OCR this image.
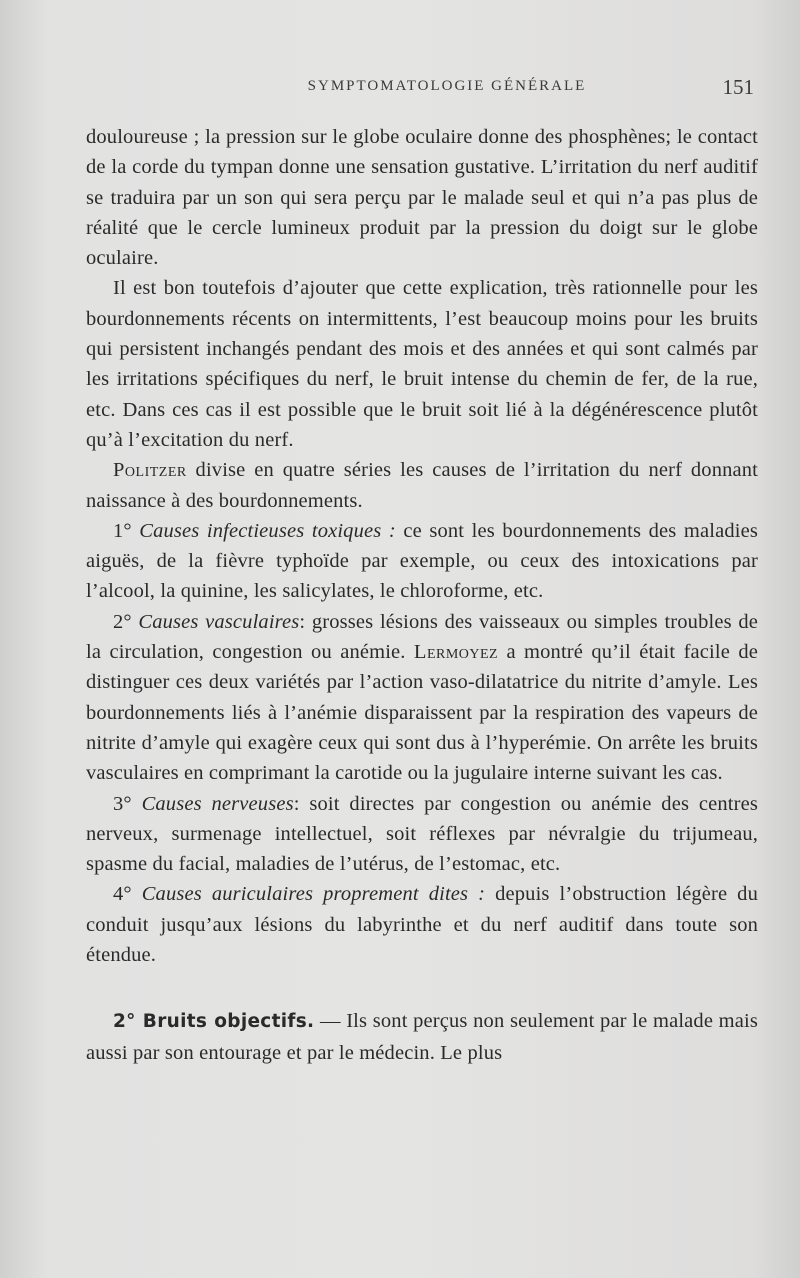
SYMPTOMATOLOGIE GÉNÉRALE	151

douloureuse ; la pression sur le globe oculaire donne des phosphènes; le contact de la corde du tympan donne une sensation gustative. L’irritation du nerf auditif se traduira par un son qui sera perçu par le malade seul et qui n’a pas plus de réalité que le cercle lumineux produit par la pression du doigt sur le globe oculaire.

Il est bon toutefois d’ajouter que cette explication, très rationnelle pour les bourdonnements récents on intermittents, l’est beaucoup moins pour les bruits qui persistent inchangés pendant des mois et des années et qui sont calmés par les irritations spécifiques du nerf, le bruit intense du chemin de fer, de la rue, etc. Dans ces cas il est possible que le bruit soit lié à la dégénérescence plutôt qu’à l’excitation du nerf.

Politzer divise en quatre séries les causes de l’irritation du nerf donnant naissance à des bourdonnements.

1° Causes infectieuses toxiques : ce sont les bourdonnements des maladies aiguës, de la fièvre typhoïde par exemple, ou ceux des intoxications par l’alcool, la quinine, les salicylates, le chloroforme, etc.

2° Causes vasculaires: grosses lésions des vaisseaux ou simples troubles de la circulation, congestion ou anémie. Lermoyez a montré qu’il était facile de distinguer ces deux variétés par l’action vaso-dilatatrice du nitrite d’amyle. Les bourdonnements liés à l’anémie disparaissent par la respiration des vapeurs de nitrite d’amyle qui exagère ceux qui sont dus à l’hyperémie. On arrête les bruits vasculaires en comprimant la carotide ou la jugulaire interne suivant les cas.

3° Causes nerveuses: soit directes par congestion ou anémie des centres nerveux, surmenage intellectuel, soit réflexes par névralgie du trijumeau, spasme du facial, maladies de l’utérus, de l’estomac, etc.

4° Causes auriculaires proprement dites : depuis l’obstruction légère du conduit jusqu’aux lésions du labyrinthe et du nerf auditif dans toute son étendue.

2° Bruits objectifs. — Ils sont perçus non seulement par le malade mais aussi par son entourage et par le médecin. Le plus
